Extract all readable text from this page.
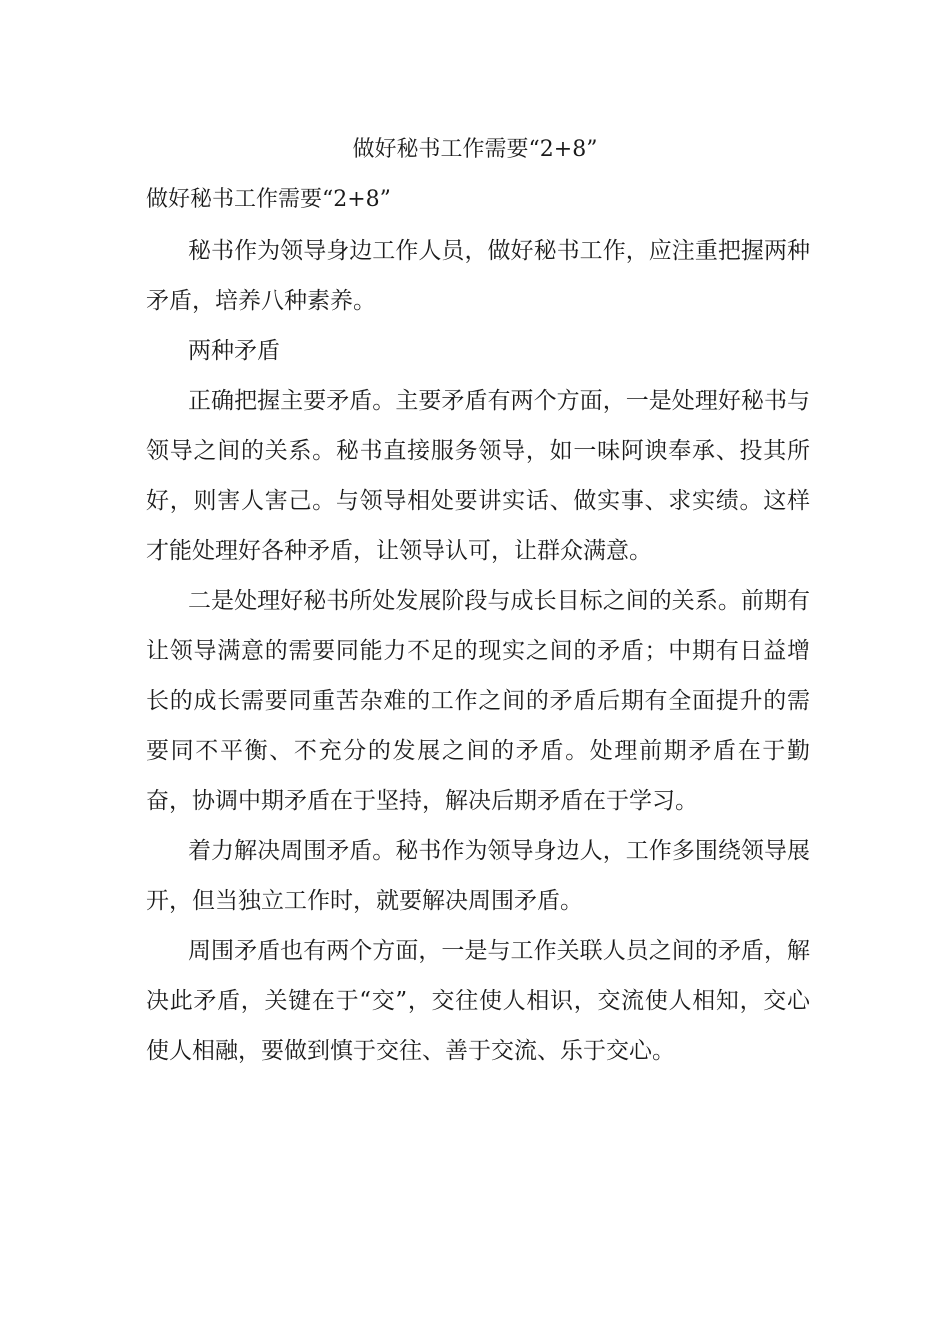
做好秘书工作需要“2+8”

做好秘书工作需要“2+8”

秘书作为领导身边工作人员，做好秘书工作，应注重把握两种矛盾，培养八种素养。

两种矛盾

正确把握主要矛盾。主要矛盾有两个方面，一是处理好秘书与领导之间的关系。秘书直接服务领导，如一味阿谀奉承、投其所好，则害人害己。与领导相处要讲实话、做实事、求实绩。这样才能处理好各种矛盾，让领导认可，让群众满意。

二是处理好秘书所处发展阶段与成长目标之间的关系。前期有让领导满意的需要同能力不足的现实之间的矛盾；中期有日益增长的成长需要同重苦杂难的工作之间的矛盾后期有全面提升的需要同不平衡、不充分的发展之间的矛盾。处理前期矛盾在于勤奋，协调中期矛盾在于坚持，解决后期矛盾在于学习。

着力解决周围矛盾。秘书作为领导身边人，工作多围绕领导展开，但当独立工作时，就要解决周围矛盾。

周围矛盾也有两个方面，一是与工作关联人员之间的矛盾，解决此矛盾，关键在于“交”，交往使人相识，交流使人相知，交心使人相融，要做到慎于交往、善于交流、乐于交心。
